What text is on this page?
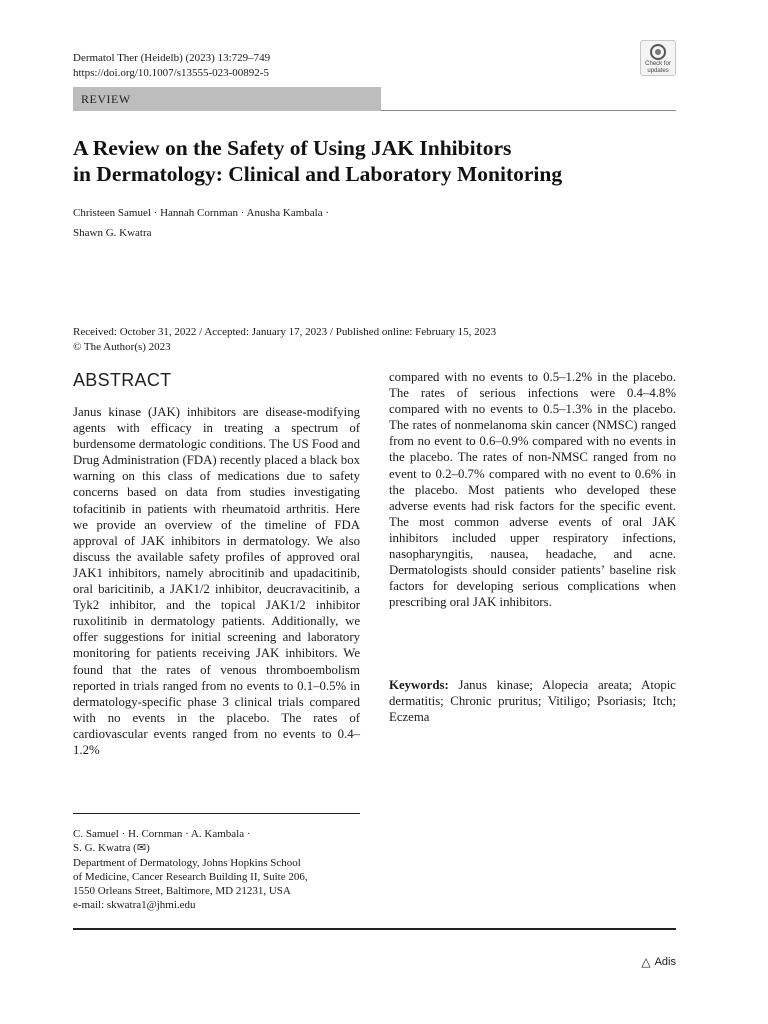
Dermatol Ther (Heidelb) (2023) 13:729–749
https://doi.org/10.1007/s13555-023-00892-5
Check for
updates
REVIEW
A Review on the Safety of Using JAK Inhibitors
in Dermatology: Clinical and Laboratory Monitoring
Christeen Samuel · Hannah Cornman · Anusha Kambala ·
Shawn G. Kwatra
Received: October 31, 2022 / Accepted: January 17, 2023 / Published online: February 15, 2023
© The Author(s) 2023
ABSTRACT
Janus kinase (JAK) inhibitors are disease-modifying agents with efficacy in treating a spectrum of burdensome dermatologic conditions. The US Food and Drug Administration (FDA) recently placed a black box warning on this class of medications due to safety concerns based on data from studies investigating tofacitinib in patients with rheumatoid arthritis. Here we provide an overview of the timeline of FDA approval of JAK inhibitors in dermatology. We also discuss the available safety profiles of approved oral JAK1 inhibitors, namely abrocitinib and upadacitinib, oral baricitinib, a JAK1/2 inhibitor, deucravacitinib, a Tyk2 inhibitor, and the topical JAK1/2 inhibitor ruxolitinib in dermatology patients. Additionally, we offer suggestions for initial screening and laboratory monitoring for patients receiving JAK inhibitors. We found that the rates of venous thromboembolism reported in trials ranged from no events to 0.1–0.5% in dermatology-specific phase 3 clinical trials compared with no events in the placebo. The rates of cardiovascular events ranged from no events to 0.4–1.2%
compared with no events to 0.5–1.2% in the placebo. The rates of serious infections were 0.4–4.8% compared with no events to 0.5–1.3% in the placebo. The rates of nonmelanoma skin cancer (NMSC) ranged from no event to 0.6–0.9% compared with no events in the placebo. The rates of non-NMSC ranged from no event to 0.2–0.7% compared with no event to 0.6% in the placebo. Most patients who developed these adverse events had risk factors for the specific event. The most common adverse events of oral JAK inhibitors included upper respiratory infections, nasopharyngitis, nausea, headache, and acne. Dermatologists should consider patients’ baseline risk factors for developing serious complications when prescribing oral JAK inhibitors.
Keywords: Janus kinase; Alopecia areata; Atopic dermatitis; Chronic pruritus; Vitiligo; Psoriasis; Itch; Eczema
C. Samuel · H. Cornman · A. Kambala ·
S. G. Kwatra (✉)
Department of Dermatology, Johns Hopkins School
of Medicine, Cancer Research Building II, Suite 206,
1550 Orleans Street, Baltimore, MD 21231, USA
e-mail: skwatra1@jhmi.edu
△ Adis
